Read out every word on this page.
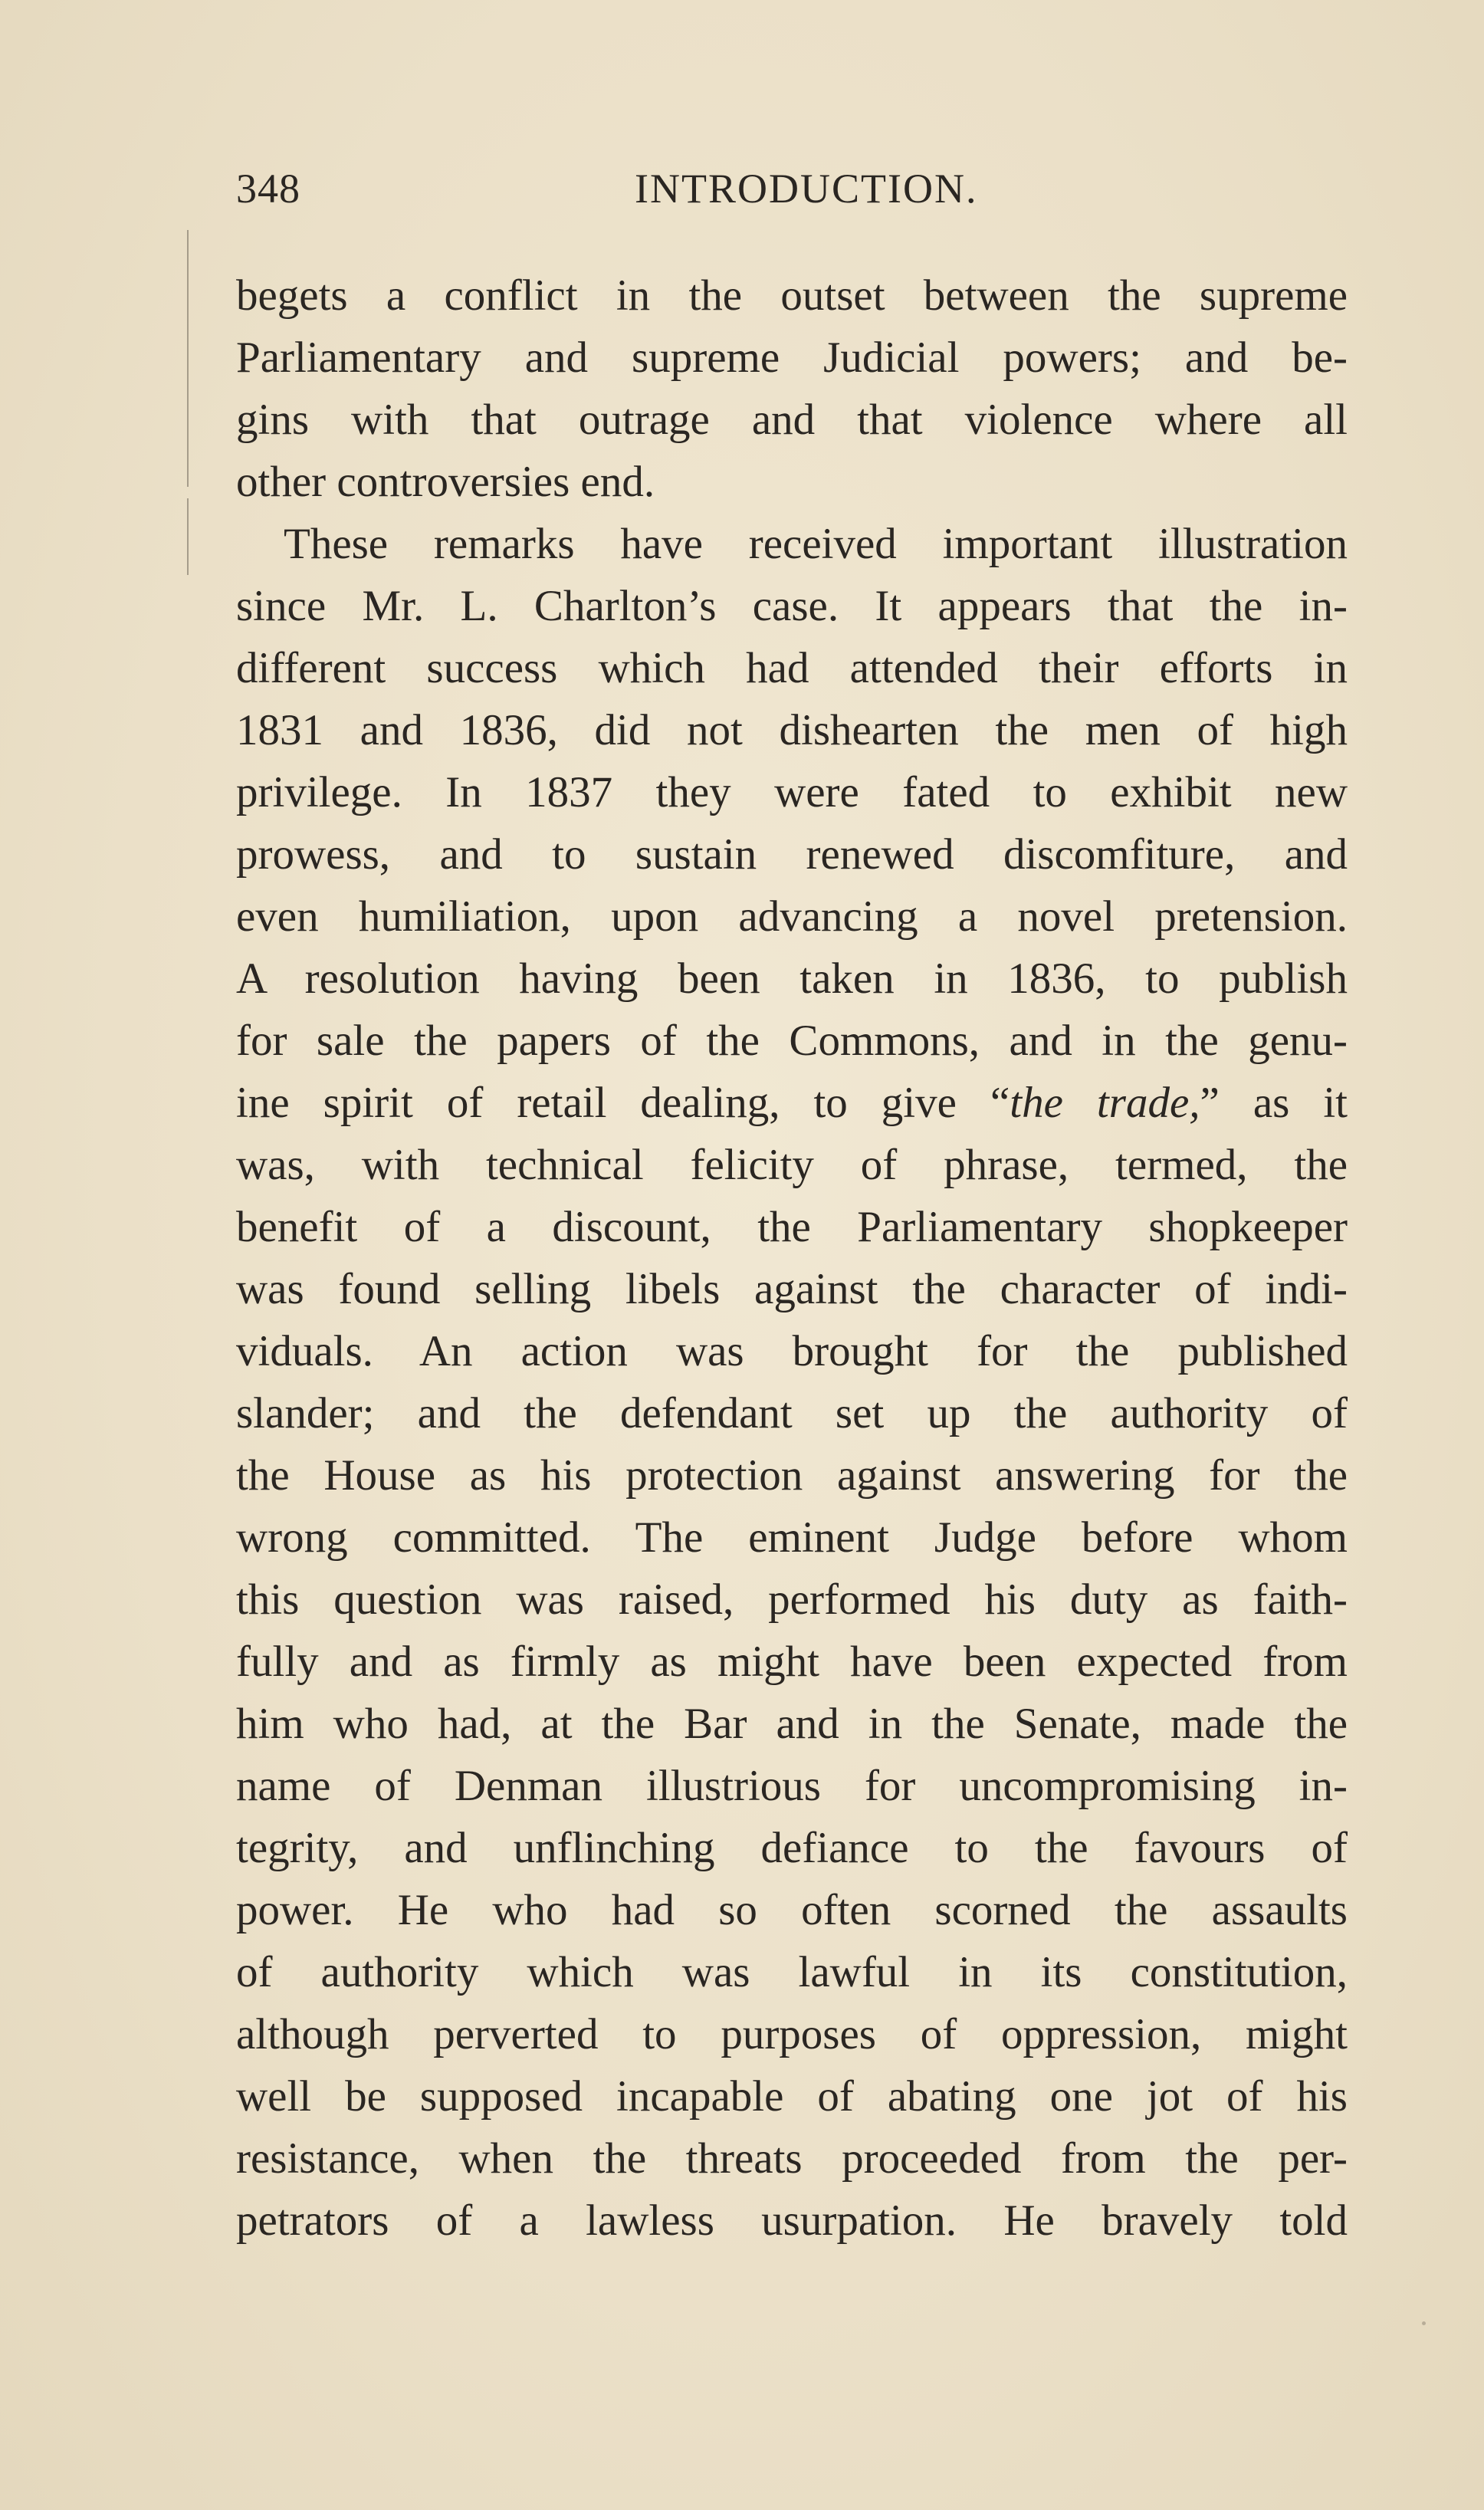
348	INTRODUCTION.
begets a conflict in the outset between the supreme
Parliamentary and supreme Judicial powers; and be-
gins with that outrage and that violence where all
other controversies end.
These remarks have received important illustration
since Mr. L. Charlton’s case. It appears that the in-
different success which had attended their efforts in
1831 and 1836, did not dishearten the men of high
privilege. In 1837 they were fated to exhibit new
prowess, and to sustain renewed discomfiture, and
even humiliation, upon advancing a novel pretension.
A resolution having been taken in 1836, to publish
for sale the papers of the Commons, and in the genu-
ine spirit of retail dealing, to give “the trade,” as it
was, with technical felicity of phrase, termed, the
benefit of a discount, the Parliamentary shopkeeper
was found selling libels against the character of indi-
viduals. An action was brought for the published
slander; and the defendant set up the authority of
the House as his protection against answering for the
wrong committed. The eminent Judge before whom
this question was raised, performed his duty as faith-
fully and as firmly as might have been expected from
him who had, at the Bar and in the Senate, made the
name of Denman illustrious for uncompromising in-
tegrity, and unflinching defiance to the favours of
power. He who had so often scorned the assaults
of authority which was lawful in its constitution,
although perverted to purposes of oppression, might
well be supposed incapable of abating one jot of his
resistance, when the threats proceeded from the per-
petrators of a lawless usurpation. He bravely told
